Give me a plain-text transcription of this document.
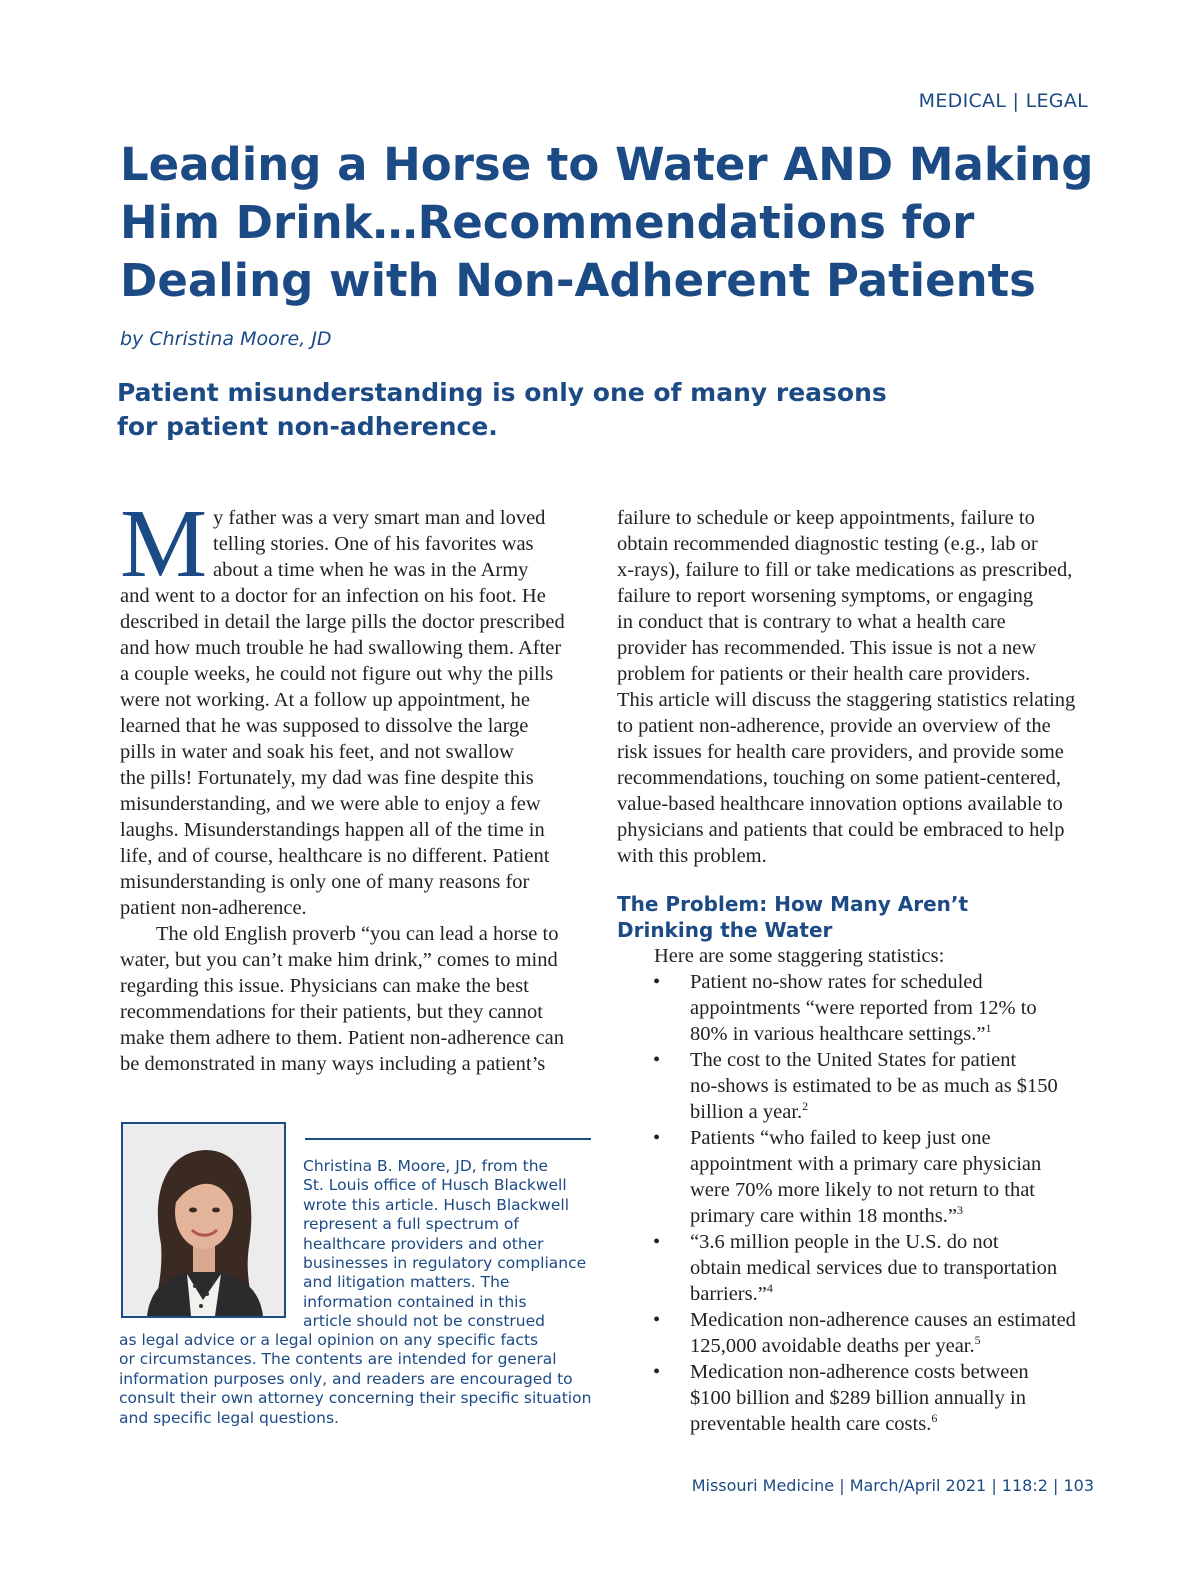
MEDICAL | LEGAL
Leading a Horse to Water AND Making
Him Drink…Recommendations for
Dealing with Non-Adherent Patients
by Christina Moore, JD
Patient misunderstanding is only one of many reasons
for patient non-adherence.
M y father was a very smart man and loved
telling stories. One of his favorites was
about a time when he was in the Army
and went to a doctor for an infection on his foot. He
described in detail the large pills the doctor prescribed
and how much trouble he had swallowing them. After
a couple weeks, he could not figure out why the pills
were not working. At a follow up appointment, he
learned that he was supposed to dissolve the large
pills in water and soak his feet, and not swallow
the pills! Fortunately, my dad was fine despite this
misunderstanding, and we were able to enjoy a few
laughs. Misunderstandings happen all of the time in
life, and of course, healthcare is no different. Patient
misunderstanding is only one of many reasons for
patient non-adherence.
The old English proverb “you can lead a horse to
water, but you can’t make him drink,” comes to mind
regarding this issue. Physicians can make the best
recommendations for their patients, but they cannot
make them adhere to them. Patient non-adherence can
be demonstrated in many ways including a patient’s
Christina B. Moore, JD, from the
St. Louis office of Husch Blackwell
wrote this article. Husch Blackwell
represent a full spectrum of
healthcare providers and other
businesses in regulatory compliance
and litigation matters. The
information contained in this
article should not be construed
as legal advice or a legal opinion on any specific facts
or circumstances. The contents are intended for general
information purposes only, and readers are encouraged to
consult their own attorney concerning their specific situation
and specific legal questions.
failure to schedule or keep appointments, failure to
obtain recommended diagnostic testing (e.g., lab or
x-rays), failure to fill or take medications as prescribed,
failure to report worsening symptoms, or engaging
in conduct that is contrary to what a health care
provider has recommended. This issue is not a new
problem for patients or their health care providers.
This article will discuss the staggering statistics relating
to patient non-adherence, provide an overview of the
risk issues for health care providers, and provide some
recommendations, touching on some patient-centered,
value-based healthcare innovation options available to
physicians and patients that could be embraced to help
with this problem.
The Problem: How Many Aren’t
Drinking the Water
Here are some staggering statistics:
• Patient no-show rates for scheduled
appointments “were reported from 12% to
80% in various healthcare settings.”$^1$
• The cost to the United States for patient
no-shows is estimated to be as much as $150
billion a year.$^2$
• Patients “who failed to keep just one
appointment with a primary care physician
were 70% more likely to not return to that
primary care within 18 months.”$^3$
• “3.6 million people in the U.S. do not
obtain medical services due to transportation
barriers.”$^4$
• Medication non-adherence causes an estimated
125,000 avoidable deaths per year.$^5$
• Medication non-adherence costs between
$100 billion and $289 billion annually in
preventable health care costs.$^6$
Missouri Medicine | March/April 2021 | 118:2 | 103
